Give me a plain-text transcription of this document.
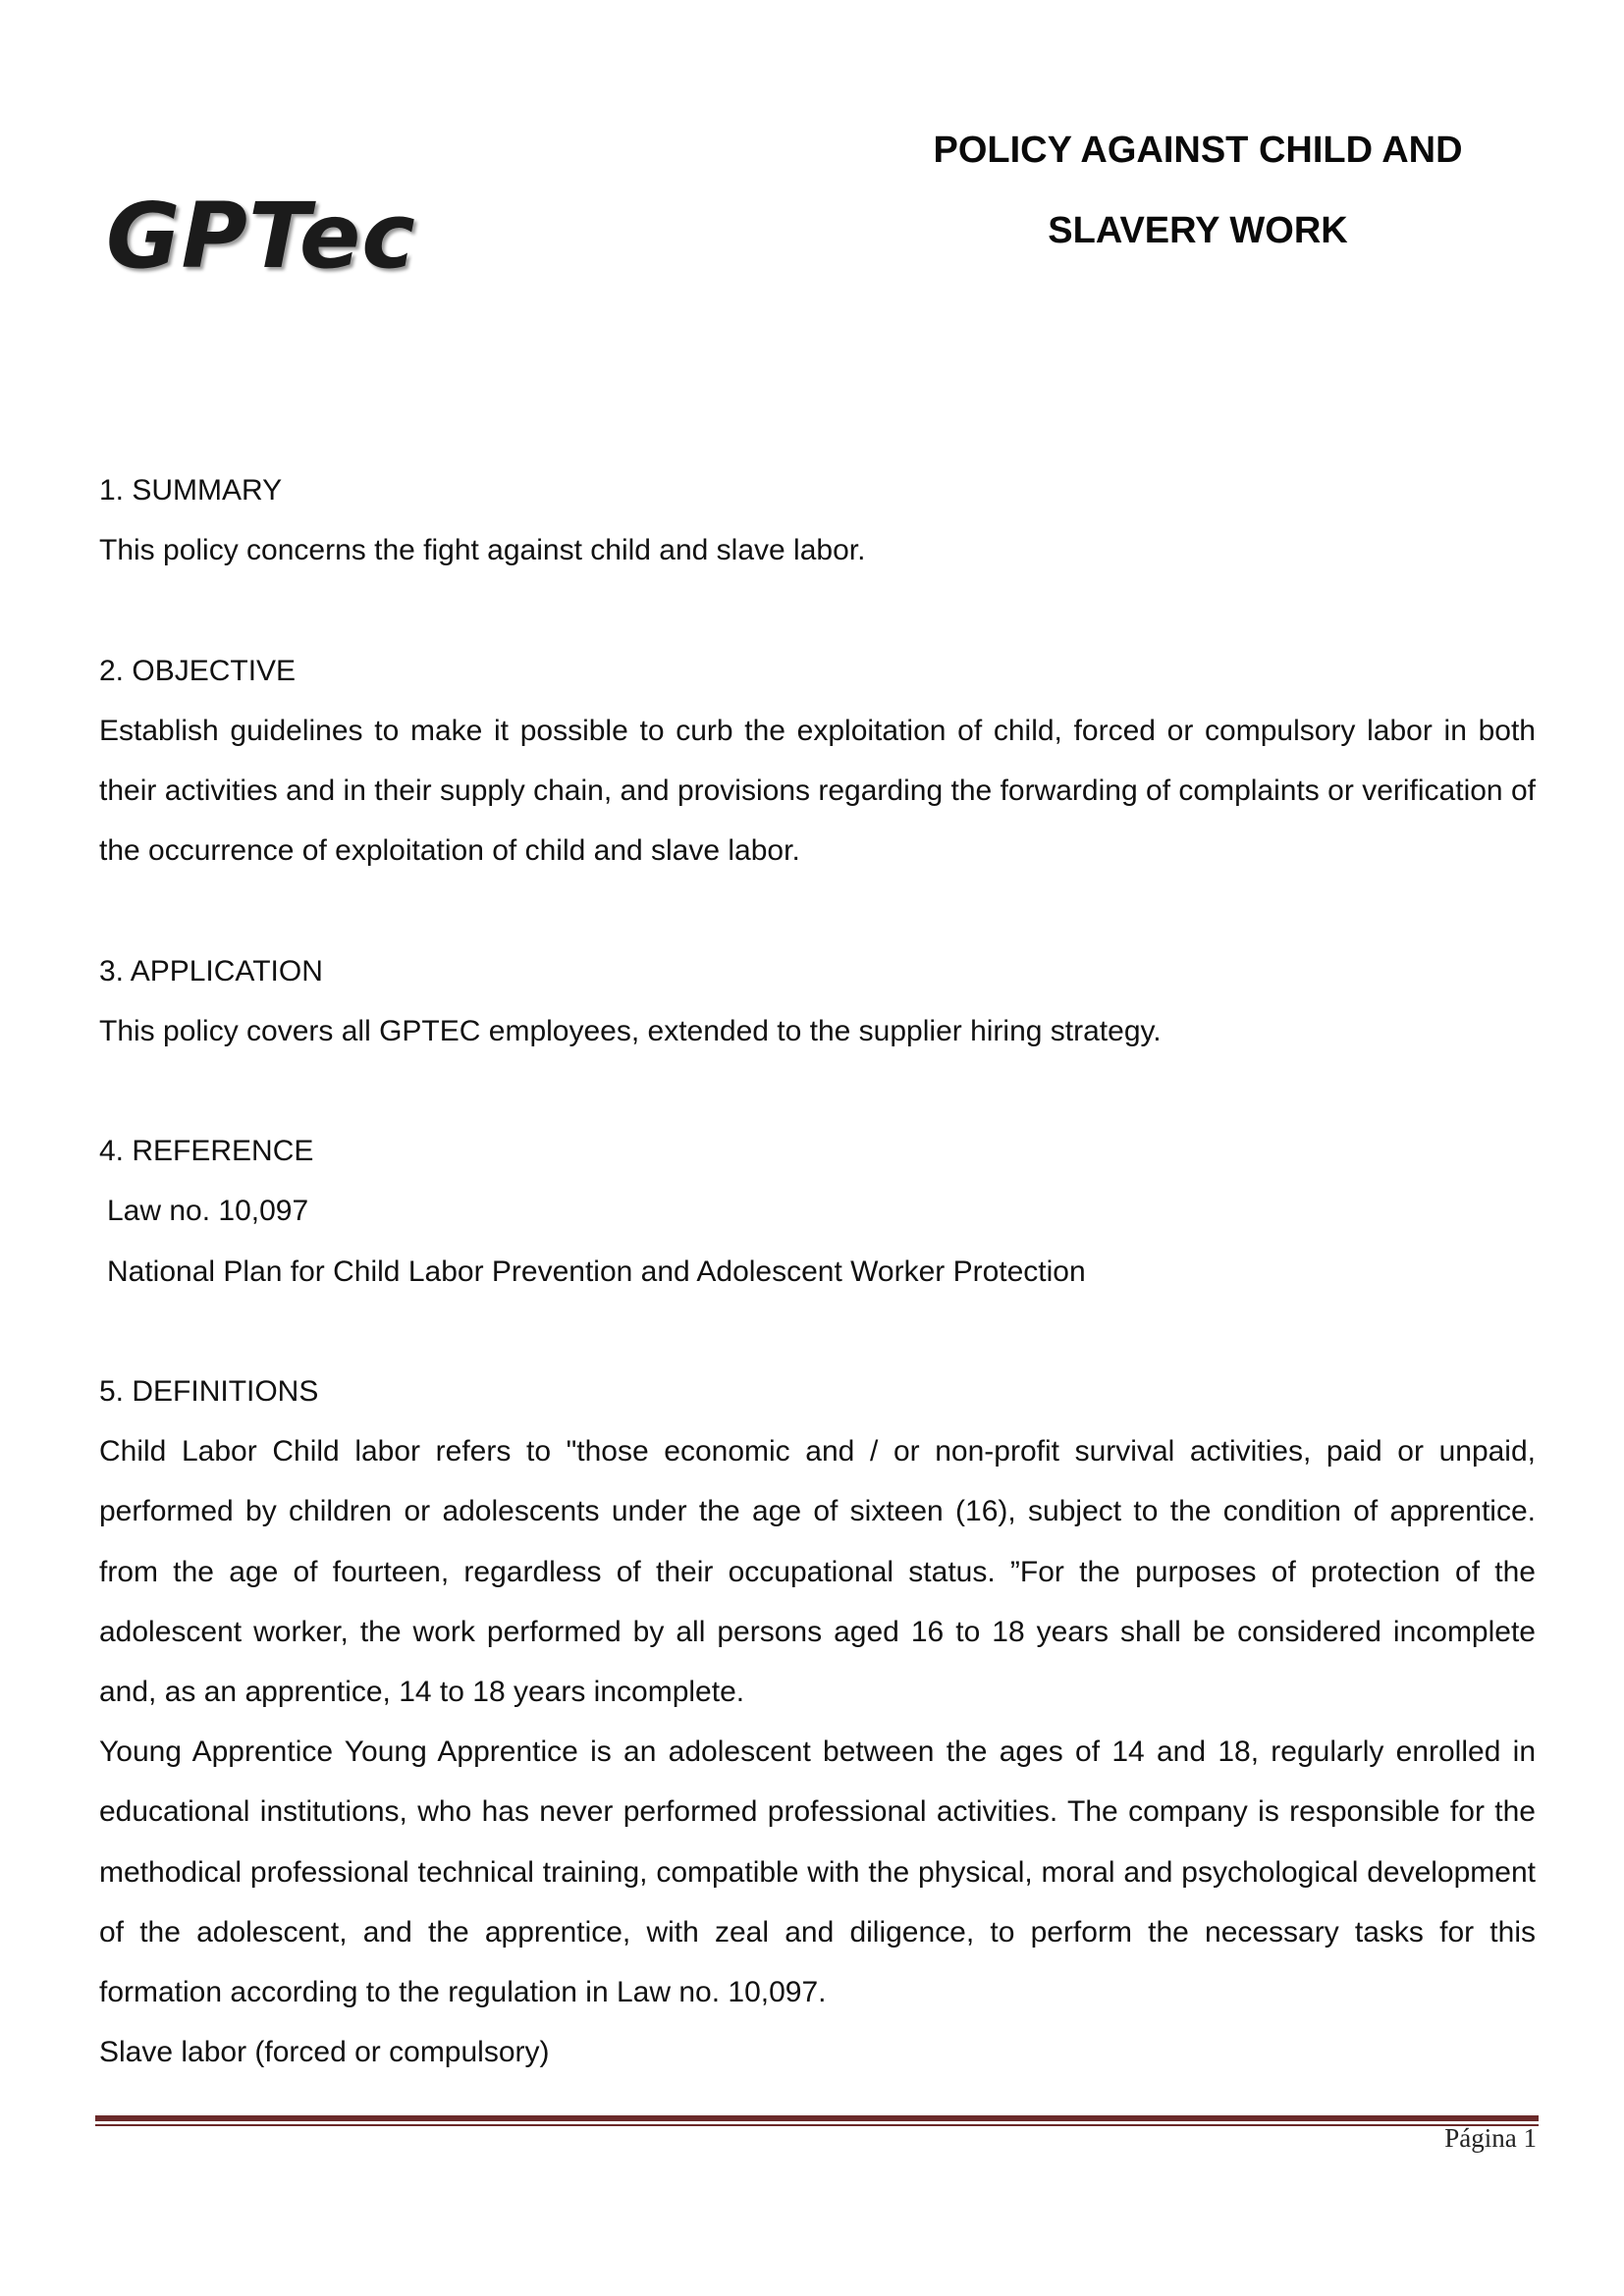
GPTec
POLICY AGAINST CHILD AND
SLAVERY WORK
1. SUMMARY
This policy concerns the fight against child and slave labor.
2. OBJECTIVE
Establish guidelines to make it possible to curb the exploitation of child, forced or compulsory labor in both their activities and in their supply chain, and provisions regarding the forwarding of complaints or verification of the occurrence of exploitation of child and slave labor.
3. APPLICATION
This policy covers all GPTEC employees, extended to the supplier hiring strategy.
4. REFERENCE
Law no. 10,097
National Plan for Child Labor Prevention and Adolescent Worker Protection
5. DEFINITIONS
Child Labor Child labor refers to "those economic and / or non-profit survival activities, paid or unpaid, performed by children or adolescents under the age of sixteen (16), subject to the condition of apprentice. from the age of fourteen, regardless of their occupational status. ”For the purposes of protection of the adolescent worker, the work performed by all persons aged 16 to 18 years shall be considered incomplete and, as an apprentice, 14 to 18 years incomplete.
Young Apprentice Young Apprentice is an adolescent between the ages of 14 and 18, regularly enrolled in educational institutions, who has never performed professional activities. The company is responsible for the methodical professional technical training, compatible with the physical, moral and psychological development of the adolescent, and the apprentice, with zeal and diligence, to perform the necessary tasks for this formation according to the regulation in Law no. 10,097.
Slave labor (forced or compulsory)
Página 1
